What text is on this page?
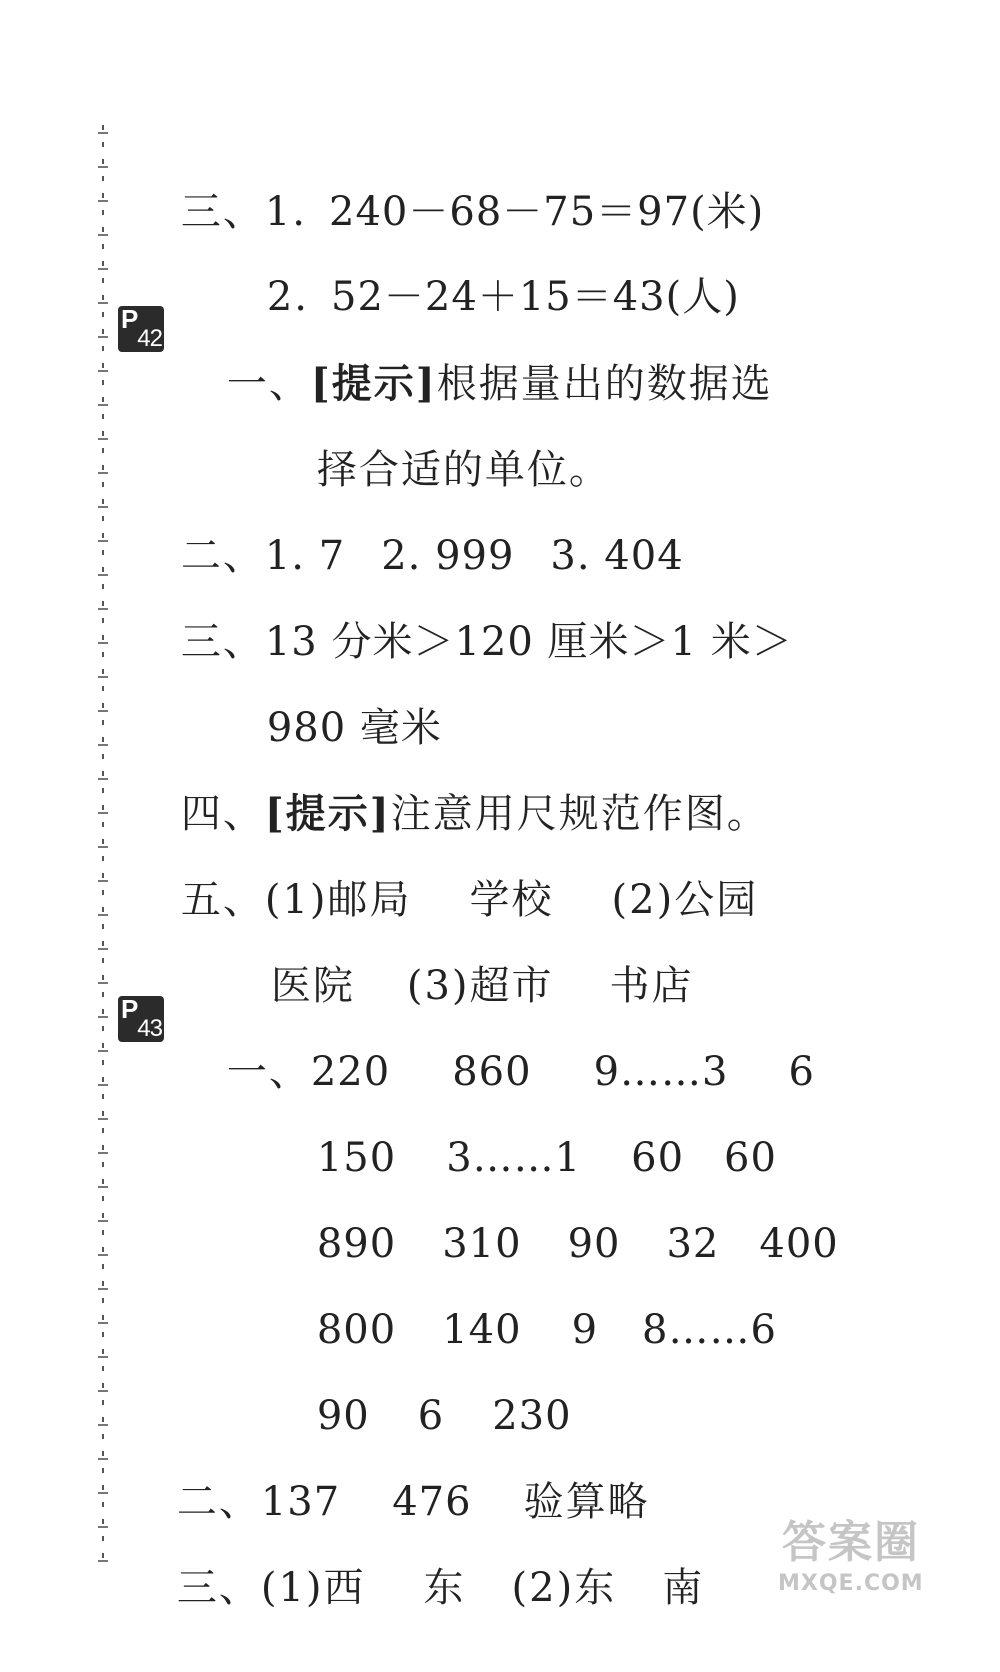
三、1. 240－68－75＝97(米)

2. 52－24＋15＝43(人)

P
42

一、[提示]根据量出的数据选

择合适的单位。

二、1. 7 2. 999 3. 404

三、13 分米＞120 厘米＞1 米＞

980 毫米

四、[提示]注意用尺规范作图。

五、(1)邮局 学校 (2)公园

医院 (3)超市 书店

P
43

一、220 860 9……3 6

150 3……1 60 60

890 310 90 32 400

800 140 9 8……6

90 6 230

二、137 476 验算略

三、(1)西 东 (2)东 南

答案圈
MXQE.COM
